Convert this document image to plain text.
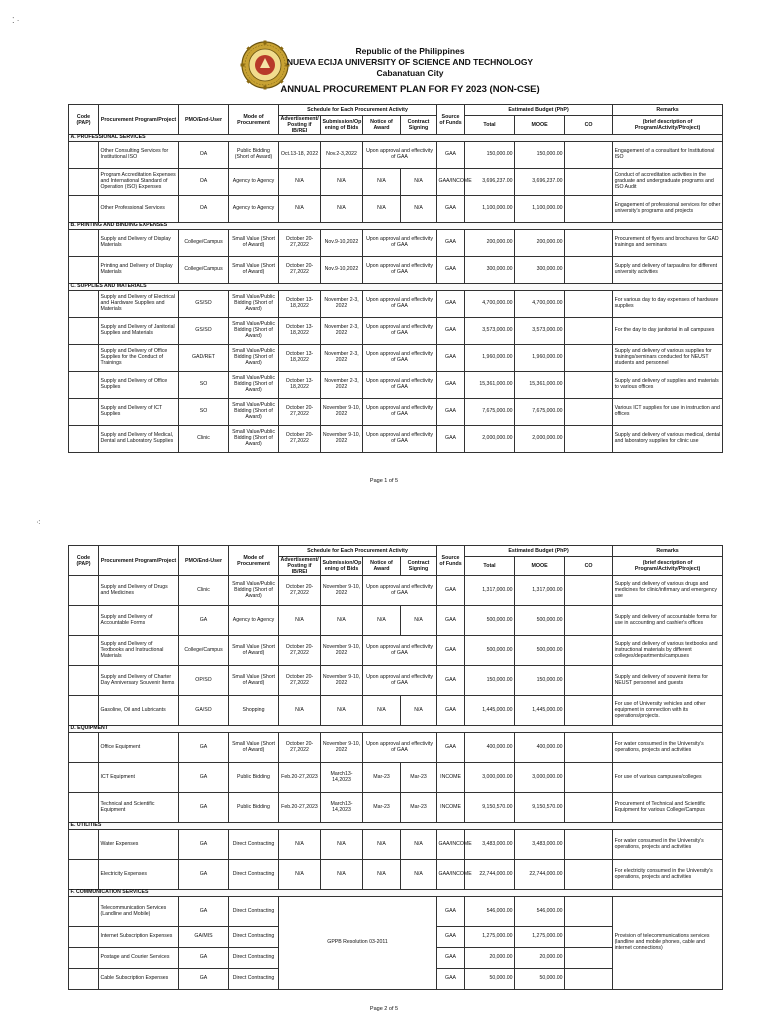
⁚ ·
Republic of the Philippines
NUEVA ECIJA UNIVERSITY OF SCIENCE AND TECHNOLOGY
Cabanatuan City
ANNUAL PROCUREMENT PLAN FOR FY 2023 (NON-CSE)
Code (PAP)	Procurement Program/Project	PMO/End-User	Mode of Procurement	Schedule for Each Procurement Activity				Source of Funds	Estimated Budget (PhP)			Remarks
				Advertisement/ Posting if IB/REI	Submission/Op ening of Bids	Notice of Award	Contract Signing		Total	MOOE	CO	(brief description of Program/Activity/Ptroject)
A. PROFESSIONAL SERVICES												
	Other Consulting Services for Institutional ISO	OA	Public Bidding (Short of Award)	Oct.13-18, 2022	Nov.2-3,2022	Upon approval and effectivity of GAA		GAA	150,000.00	150,000.00		Engagement of a consultant for Institutional ISO
	Program Accreditation Expenses and International Standard of Operation (ISO) Expenses	OA	Agency to Agency	N/A	N/A	N/A	N/A	GAA/INCOME	3,696,237.00	3,696,237.00		Conduct of accreditation activities in the graduate and undergraduate programs and ISO Audit
	Other Professional Services	OA	Agency to Agency	N/A	N/A	N/A	N/A	GAA	1,100,000.00	1,100,000.00		Engagement of professional services for other university's programs and projects
B. PRINTING AND BINDING EXPENSES												
	Supply and Delivery of Display Materials	College/Campus	Small Value (Short of Award)	October 20-27,2022	Nov.9-10,2022	Upon approval and effectivity of GAA		GAA	200,000.00	200,000.00		Procurement of flyers and brochures for GAD trainings and seminars
	Printing and Delivery of Display Materials	College/Campus	Small Value (Short of Award)	October 20-27,2022	Nov.9-10,2022	Upon approval and effectivity of GAA		GAA	300,000.00	300,000.00		Supply and delivery of tarpaulins for different university activities
C. SUPPLIES AND MATERIALS												
	Supply and Delivery of Electrical and Hardware Supplies and Materials	GS/SO	Small Value/Public Bidding (Short of Award)	October 13-18,2022	November 2-3, 2022	Upon approval and effectivity of GAA		GAA	4,700,000.00	4,700,000.00		For various day to day expenses of hardware supplies
	Supply and Delivery of Janitorial Supplies and Materials	GS/SO	Small Value/Public Bidding (Short of Award)	October 13-18,2022	November 2-3, 2022	Upon approval and effectivity of GAA		GAA	3,573,000.00	3,573,000.00		For the day to day janitorial in all campuses
	Supply and Delivery of Office Supplies for the Conduct of Trainings	GAD/RET	Small Value/Public Bidding (Short of Award)	October 13-18,2022	November 2-3, 2022	Upon approval and effectivity of GAA		GAA	1,960,000.00	1,960,000.00		Supply and delivery of various supplies for trainings/seminars conducted for NEUST students and personnel
	Supply and Delivery of Office Supplies	SO	Small Value/Public Bidding (Short of Award)	October 13-18,2022	November 2-3, 2022	Upon approval and effectivity of GAA		GAA	15,361,000.00	15,361,000.00		Supply and delivery of supplies and materials to various offices
	Supply and Delivery of ICT Supplies	SO	Small Value/Public Bidding (Short of Award)	October 20-27,2022	November 9-10, 2022	Upon approval and effectivity of GAA		GAA	7,675,000.00	7,675,000.00		Various ICT supplies for use in instruction and offices
	Supply and Delivery of Medical, Dental and Laboratory Supplies	Clinic	Small Value/Public Bidding (Short of Award)	October 20-27,2022	November 9-10, 2022	Upon approval and effectivity of GAA		GAA	2,000,000.00	2,000,000.00		Supply and delivery of various medical, dental and laboratory supplies for clinic use
Page 1 of 5
⁖
Code (PAP)	Procurement Program/Project	PMO/End-User	Mode of Procurement	Schedule for Each Procurement Activity				Source of Funds	Estimated Budget (PhP)			Remarks
				Advertisement/ Posting if IB/REI	Submission/Op ening of Bids	Notice of Award	Contract Signing		Total	MOOE	CO	(brief description of Program/Activity/Ptroject)
	Supply and Delivery of Drugs and Medicines	Clinic	Small Value/Public Bidding (Short of Award)	October 20-27,2022	November 9-10, 2022	Upon approval and effectivity of GAA		GAA	1,317,000.00	1,317,000.00		Supply and delivery of various drugs and medicines for clinic/infirmary and emergency use
	Supply and Delivery of Accountable Forms	GA	Agency to Agency	N/A	N/A	N/A	N/A	GAA	500,000.00	500,000.00		Supply and delivery of accountable forms for use in accounting and cashier's offices
	Supply and Delivery of Textbooks and Instructional Materials	College/Campus	Small Value (Short of Award)	October 20-27,2022	November 9-10, 2022	Upon approval and effectivity of GAA		GAA	500,000.00	500,000.00		Supply and delivery of various textbooks and instructional materials by different colleges/departments/campuses
	Supply and Delivery of Charter Day Anniversary Souvenir Items	OP/SO	Small Value (Short of Award)	October 20-27,2022	November 9-10, 2022	Upon approval and effectivity of GAA		GAA	150,000.00	150,000.00		Supply and delivery of souvenir items for NEUST personnel and guests
	Gasoline, Oil and Lubricants	GA/SO	Shopping	N/A	N/A	N/A	N/A	GAA	1,445,000.00	1,445,000.00		For use of University vehicles and other equipment in connection with its operations/projects.
D. EQUIPMENT												
	Office Equipment	GA	Small Value (Short of Award)	October 20-27,2022	November 9-10, 2022	Upon approval and effectivity of GAA		GAA	400,000.00	400,000.00		For water consumed in the University's operations, projects and activities
	ICT Equipment	GA	Public Bidding	Feb.20-27,2023	March13-14,2023	Mar-23	Mar-23	INCOME	3,000,000.00	3,000,000.00		For use of various campuses/colleges
	Technical and Scientific Equipment	GA	Public Bidding	Feb.20-27,2023	March13-14,2023	Mar-23	Mar-23	INCOME	9,150,570.00	9,150,570.00		Procurement of Technical and Scientific Equipment for various College/Campus
E. UTILITIES												
	Water Expenses	GA	Direct Contracting	N/A	N/A	N/A	N/A	GAA/INCOME	3,483,000.00	3,483,000.00		For water consumed in the University's operations, projects and activities
	Electricity Expenses	GA	Direct Contracting	N/A	N/A	N/A	N/A	GAA/INCOME	22,744,000.00	22,744,000.00		For electricity consumed in the University's operations, projects and activities
F. COMMUNICATION SERVICES												
	Telecommunication Services (Landline and Mobile)	GA	Direct Contracting	GPPB Resolution 03-2011				GAA	546,000.00	546,000.00		Provision of telecommunications services (landline and mobile phones, cable and internet connections)
	Internet Subscription Expenses	GA/MIS	Direct Contracting					GAA	1,275,000.00	1,275,000.00		
	Postage and Courier Services	GA	Direct Contracting					GAA	20,000.00	20,000.00		
	Cable Subscription Expenses	GA	Direct Contracting					GAA	50,000.00	50,000.00		
Page 2 of 5
